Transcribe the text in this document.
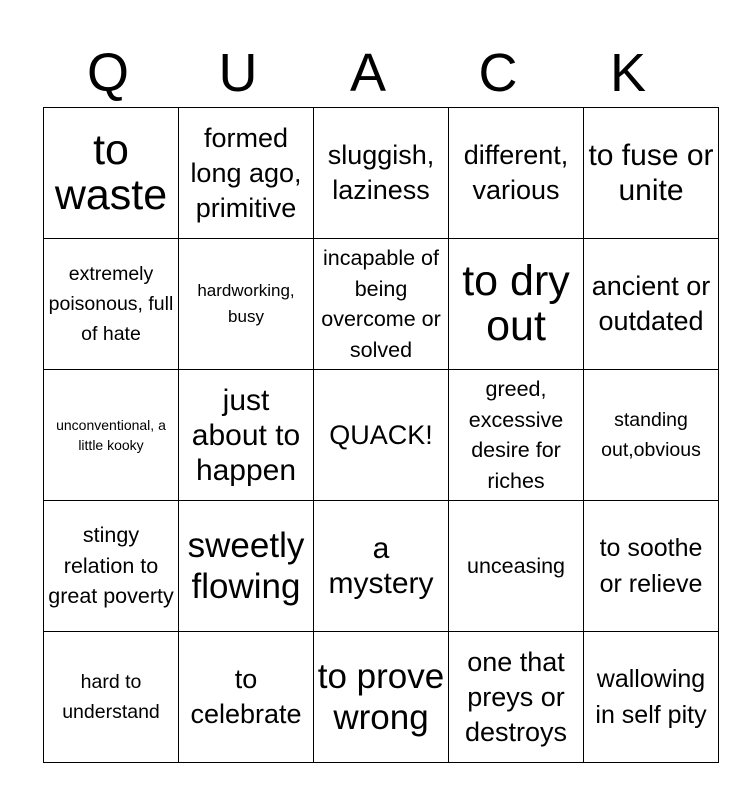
Q	U	A	C	K
to waste	formed long ago, primitive	sluggish, laziness	different, various	to fuse or unite
extremely poisonous, full of hate	hardworking, busy	incapable of being overcome or solved	to dry out	ancient or outdated
unconventional, a little kooky	just about to happen	QUACK!	greed, excessive desire for riches	standing out,obvious
stingy relation to great poverty	sweetly flowing	a mystery	unceasing	to soothe or relieve
hard to understand	to celebrate	to prove wrong	one that preys or destroys	wallowing in self pity
